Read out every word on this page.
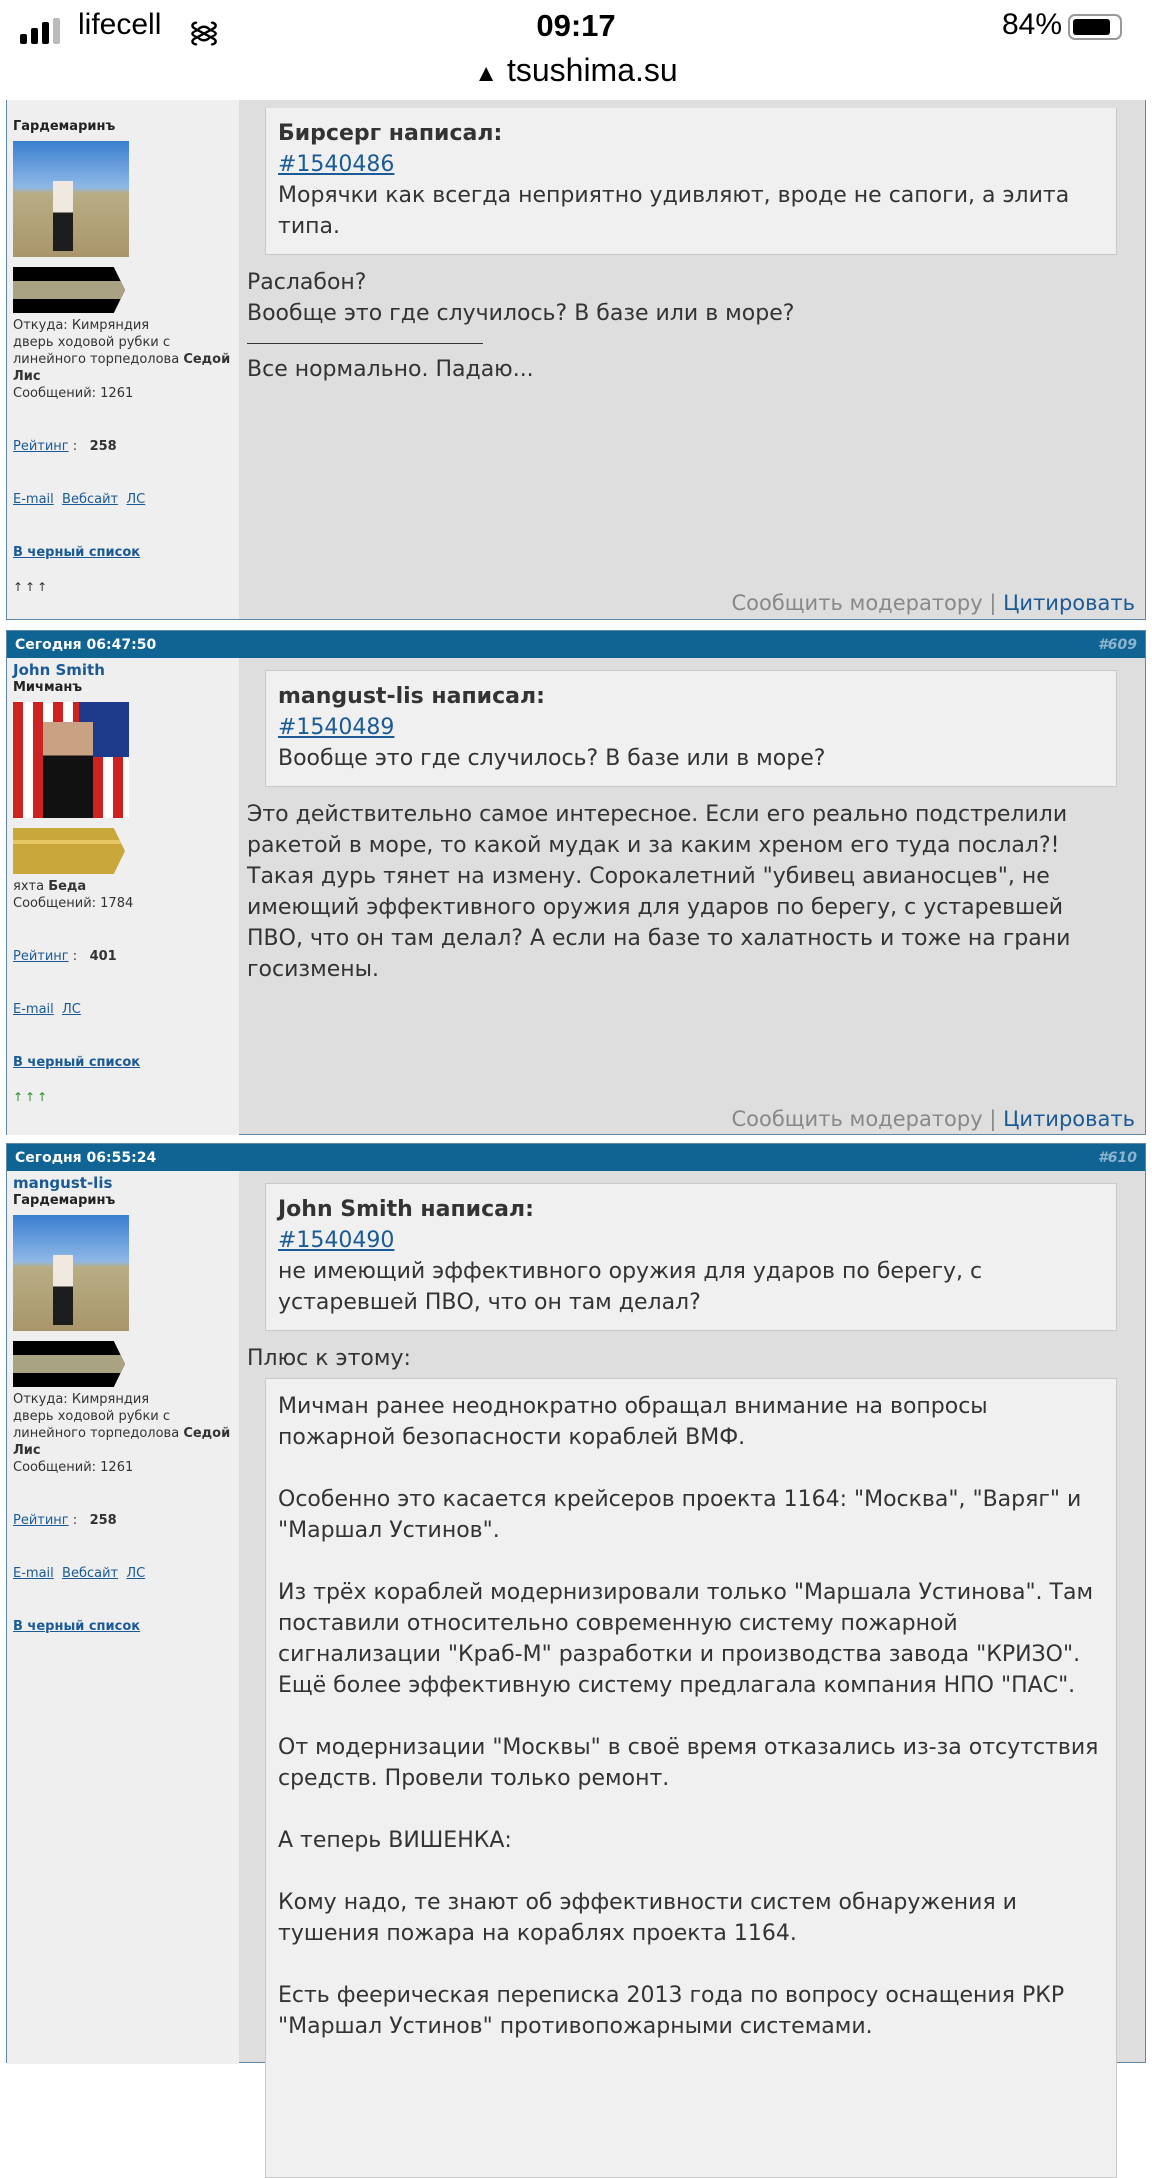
lifecell ᯼	09:17	84%
▲ tsushima.su
Гардемаринъ
Откуда: Кимряндия
дверь ходовой рубки с линейного торпедолова Седой Лис
Сообщений: 1261
Рейтинг :   258
E-mail Вебсайт ЛС
В черный список
↑↑↑
Бирсерг написал:
#1540486
Морячки как всегда неприятно удивляют, вроде не сапоги, а элита типа.
Раслабон?
Вообще это где случилось? В базе или в море?
Все нормально. Падаю...
Сообщить модератору | Цитировать
Сегодня 06:47:50	#609
John Smith
Мичманъ
яхта Беда
Сообщений: 1784
Рейтинг :   401
E-mail ЛС
В черный список
↑↑↑
mangust-lis написал:
#1540489
Вообще это где случилось? В базе или в море?
Это действительно самое интересное. Если его реально подстрелили ракетой в море, то какой мудак и за каким хреном его туда послал?! Такая дурь тянет на измену. Сорокалетний "убивец авианосцев", не имеющий эффективного оружия для ударов по берегу, с устаревшей ПВО, что он там делал? А если на базе то халатность и тоже на грани госизмены.
Сообщить модератору | Цитировать
Сегодня 06:55:24	#610
mangust-lis
Гардемаринъ
Откуда: Кимряндия
дверь ходовой рубки с линейного торпедолова Седой Лис
Сообщений: 1261
Рейтинг :   258
E-mail Вебсайт ЛС
В черный список
John Smith написал:
#1540490
не имеющий эффективного оружия для ударов по берегу, с устаревшей ПВО, что он там делал?
Плюс к этому:

Мичман ранее неоднократно обращал внимание на вопросы пожарной безопасности кораблей ВМФ.

Особенно это касается крейсеров проекта 1164: "Москва", "Варяг" и "Маршал Устинов".

Из трёх кораблей модернизировали только "Маршала Устинова". Там поставили относительно современную систему пожарной сигнализации "Краб-М" разработки и производства завода "КРИЗО". Ещё более эффективную систему предлагала компания НПО "ПАС".

От модернизации "Москвы" в своё время отказались из-за отсутствия средств. Провели только ремонт.

А теперь ВИШЕНКА:

Кому надо, те знают об эффективности систем обнаружения и тушения пожара на кораблях проекта 1164.

Есть феерическая переписка 2013 года по вопросу оснащения РКР "Маршал Устинов" противопожарными системами.
